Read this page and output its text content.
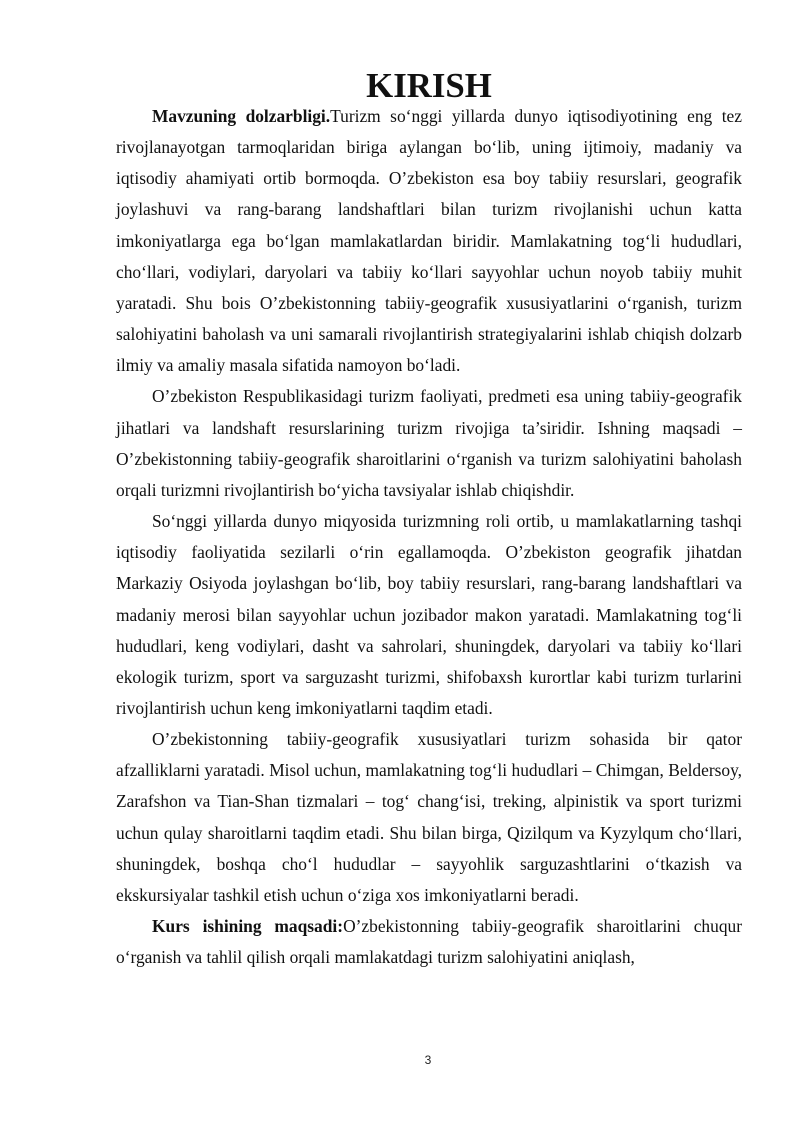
KIRISH

Mavzuning dolzarbligi.Turizm so‘nggi yillarda dunyo iqtisodiyotining eng tez rivojlanayotgan tarmoqlaridan biriga aylangan bo‘lib, uning ijtimoiy, madaniy va iqtisodiy ahamiyati ortib bormoqda. O’zbekiston esa boy tabiiy resurslari, geografik joylashuvi va rang-barang landshaftlari bilan turizm rivojlanishi uchun katta imkoniyatlarga ega bo‘lgan mamlakatlardan biridir. Mamlakatning tog‘li hududlari, cho‘llari, vodiylari, daryolari va tabiiy ko‘llari sayyohlar uchun noyob tabiiy muhit yaratadi. Shu bois O’zbekistonning tabiiy-geografik xususiyatlarini o‘rganish, turizm salohiyatini baholash va uni samarali rivojlantirish strategiyalarini ishlab chiqish dolzarb ilmiy va amaliy masala sifatida namoyon bo‘ladi.

O’zbekiston Respublikasidagi turizm faoliyati, predmeti esa uning tabiiy-geografik jihatlari va landshaft resurslarining turizm rivojiga ta’siridir. Ishning maqsadi – O’zbekistonning tabiiy-geografik sharoitlarini o‘rganish va turizm salohiyatini baholash orqali turizmni rivojlantirish bo‘yicha tavsiyalar ishlab chiqishdir.

So‘nggi yillarda dunyo miqyosida turizmning roli ortib, u mamlakatlarning tashqi iqtisodiy faoliyatida sezilarli o‘rin egallamoqda. O’zbekiston geografik jihatdan Markaziy Osiyoda joylashgan bo‘lib, boy tabiiy resurslari, rang-barang landshaftlari va madaniy merosi bilan sayyohlar uchun jozibador makon yaratadi. Mamlakatning tog‘li hududlari, keng vodiylari, dasht va sahrolari, shuningdek, daryolari va tabiiy ko‘llari ekologik turizm, sport va sarguzasht turizmi, shifobaxsh kurortlar kabi turizm turlarini rivojlantirish uchun keng imkoniyatlarni taqdim etadi.

O’zbekistonning tabiiy-geografik xususiyatlari turizm sohasida bir qator afzalliklarni yaratadi. Misol uchun, mamlakatning tog‘li hududlari – Chimgan, Beldersoy, Zarafshon va Tian-Shan tizmalari – tog‘ chang‘isi, treking, alpinistik va sport turizmi uchun qulay sharoitlarni taqdim etadi. Shu bilan birga, Qizilqum va Kyzylqum cho‘llari, shuningdek, boshqa cho‘l hududlar – sayyohlik sarguzashtlarini o‘tkazish va ekskursiyalar tashkil etish uchun o‘ziga xos imkoniyatlarni beradi.

Kurs ishining maqsadi:O’zbekistonning tabiiy-geografik sharoitlarini chuqur o‘rganish va tahlil qilish orqali mamlakatdagi turizm salohiyatini aniqlash,

3
